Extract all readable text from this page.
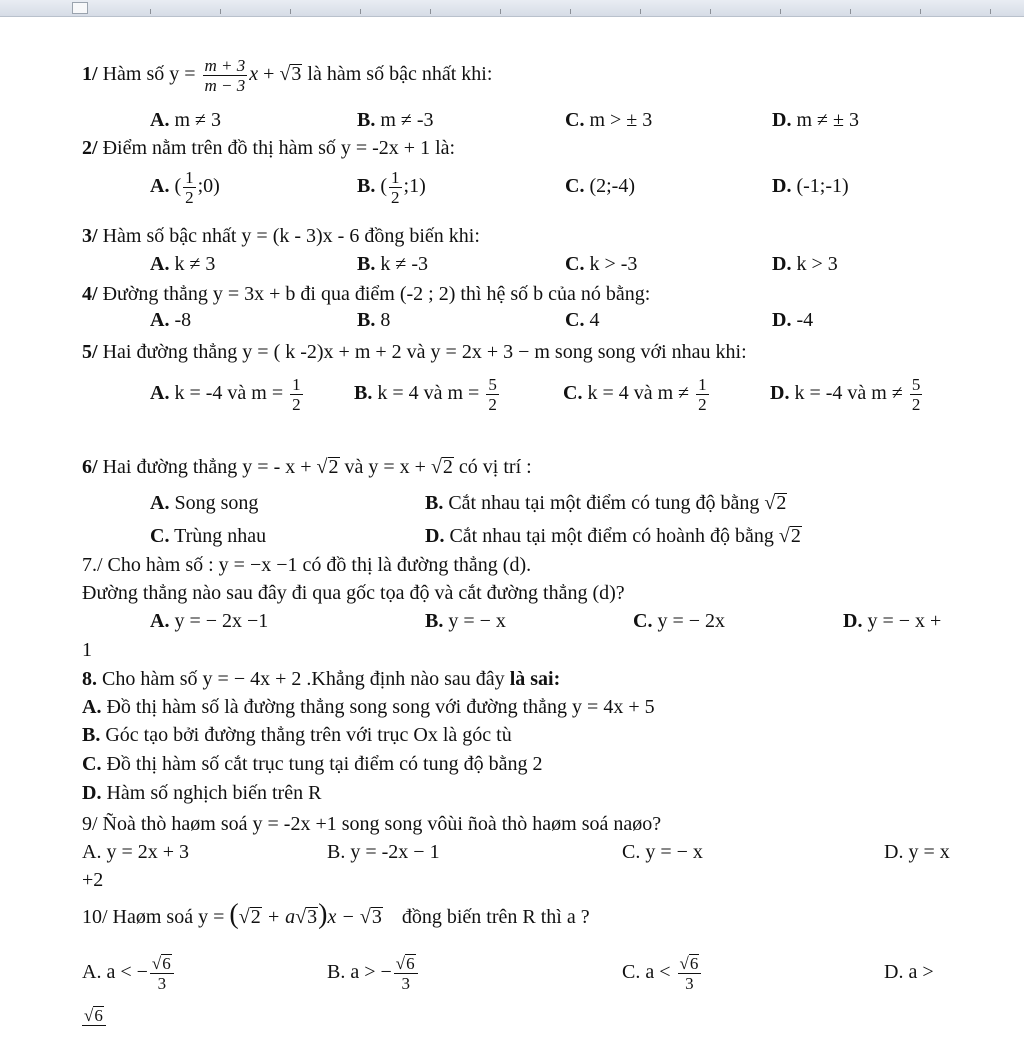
1/ Hàm số $y = \frac{m + 3}{m - 3}$ x + √3 là hàm số bậc nhất khi:
A. m ≠ 3	B. m ≠ -3	C. m > ± 3	D. m ≠ ± 3
2/ Điểm nằm trên đồ thị hàm số y = -2x + 1 là:
A. ( $\frac{1}{2}$ ;0)	B. ( $\frac{1}{2}$ ;1)	C. (2;-4)	D. (-1;-1)
3/ Hàm số bậc nhất y = (k - 3)x - 6 đồng biến khi:
A. k ≠ 3	B. k ≠ -3	C. k > -3	D. k > 3
4/ Đường thẳng y = 3x + b đi qua điểm (-2 ; 2) thì hệ số b của nó bằng:
A. -8	B. 8	C. 4	D. -4
5/ Hai đường thẳng y = ( k -2)x + m + 2 và y = 2x + 3 − m song song với nhau khi:
A. k = -4 và $m = \frac{1}{2}$	B. k = 4 và $m = \frac{5}{2}$	C. k = 4 và $m \ne \frac{1}{2}$	D. k = -4 và $m \ne \frac{5}{2}$
6/ Hai đường thẳng y = - x + √2 và y = x + √2 có vị trí :
A. Song song	B. Cắt nhau tại một điểm có tung độ bằng √2
C. Trùng nhau	D. Cắt nhau tại một điểm có hoành độ bằng √2
7./ Cho hàm số : y = −x −1 có đồ thị là đường thẳng (d).
Đường thẳng nào sau đây đi qua gốc tọa độ và cắt đường thẳng (d)?
A. y = − 2x −1	B. y = − x	C. y = − 2x	D. y = − x +
1
8. Cho hàm số y = − 4x + 2 .Khẳng định nào sau đây là sai:
A. Đồ thị hàm số là đường thẳng song song với đường thẳng y = 4x + 5
B. Góc tạo bởi đường thẳng trên với trục Ox là góc tù
C. Đồ thị hàm số cắt trục tung tại điểm có tung độ bằng 2
D. Hàm số nghịch biến trên R
9/ Ñoà thò haøm soá y = -2x +1 song song vôùi ñoà thò haøm soá naøo?
A. y = 2x + 3	B. y = -2x − 1	C. y = − x	D. y = x
+2
10/ Haøm soá y = (√2 + a√3)x − √3 đồng biến trên R thì a ?
A. a < − $\frac{√6}{3}$	B. a > − $\frac{√6}{3}$	C. $a < \frac{√6}{3}$	D. a >
√6
